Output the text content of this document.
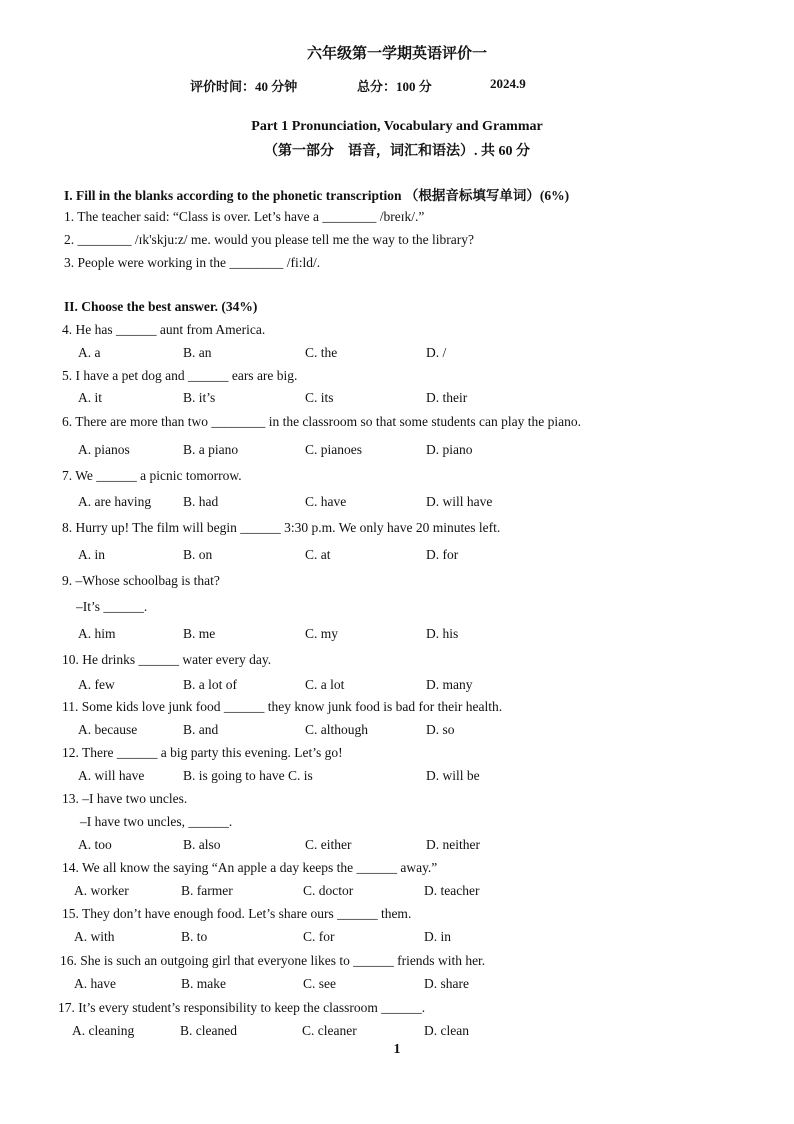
六年级第一学期英语评价一
评价时间：40 分钟	总分：100 分	2024.9
Part 1 Pronunciation, Vocabulary and Grammar
（第一部分　语音，词汇和语法）. 共 60 分
I. Fill in the blanks according to the phonetic transcription （根据音标填写单词）(6%)
1. The teacher said: “Class is over. Let’s have a ________ /breɪk/.”
2. ________ /ɪk'skju:z/ me. would you please tell me the way to the library?
3. People were working in the ________ /fi:ld/.
II. Choose the best answer. (34%)
4. He has ______ aunt from America.
A. a	B. an	C. the	D. /
5. I have a pet dog and ______ ears are big.
A. it	B. it’s	C. its	D. their
6. There are more than two ________ in the classroom so that some students can play the piano.
A. pianos	B. a piano	C. pianoes	D. piano
7. We ______ a picnic tomorrow.
A. are having B. had	C. have	D. will have
8. Hurry up! The film will begin ______ 3:30 p.m. We only have 20 minutes left.
A. in	B. on	C. at	D. for
9. –Whose schoolbag is that?
–It’s ______.
A. him	B. me	C. my	D. his
10. He drinks ______ water every day.
A. few	B. a lot of	C. a lot	D. many
11. Some kids love junk food ______ they know junk food is bad for their health.
A. because	B. and	C. although	D. so
12. There ______ a big party this evening. Let’s go!
A. will have	B. is going to have C. is	D. will be
13. –I have two uncles.
–I have two uncles, ______.
A. too	B. also	C. either	D. neither
14. We all know the saying “An apple a day keeps the ______ away.”
A. worker	B. farmer	C. doctor	D. teacher
15. They don’t have enough food. Let’s share ours ______ them.
A. with	B. to	C. for	D. in
16. She is such an outgoing girl that everyone likes to ______ friends with her.
A. have	B. make	C. see	D. share
17. It’s every student’s responsibility to keep the classroom ______.
A. cleaning	B. cleaned	C. cleaner	D. clean
1
